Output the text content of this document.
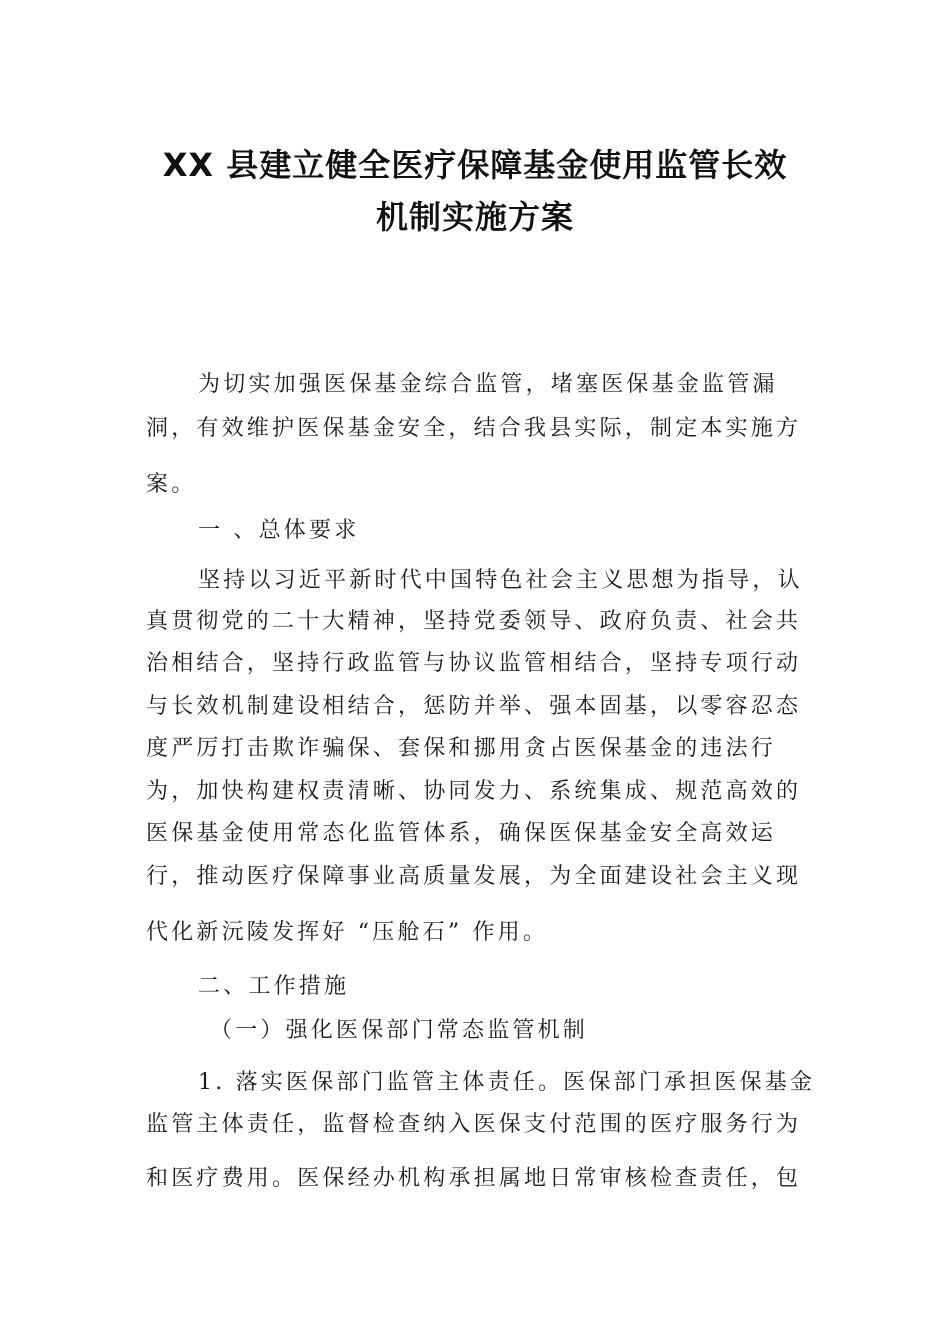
XX 县建立健全医疗保障基金使用监管长效
机制实施方案
为切实加强医保基金综合监管，堵塞医保基金监管漏
洞，有效维护医保基金安全，结合我县实际，制定本实施方
案。
一 、总体要求
坚持以习近平新时代中国特色社会主义思想为指导，认
真贯彻党的二十大精神，坚持党委领导、政府负责、社会共
治相结合，坚持行政监管与协议监管相结合，坚持专项行动
与长效机制建设相结合，惩防并举、强本固基，以零容忍态
度严厉打击欺诈骗保、套保和挪用贪占医保基金的违法行
为，加快构建权责清晰、协同发力、系统集成、规范高效的
医保基金使用常态化监管体系，确保医保基金安全高效运
行，推动医疗保障事业高质量发展，为全面建设社会主义现
代化新沅陵发挥好 “压舱石” 作用。
二、工作措施
（一）强化医保部门常态监管机制
1. 落实医保部门监管主体责任。医保部门承担医保基金
监管主体责任，监督检查纳入医保支付范围的医疗服务行为
和医疗费用。医保经办机构承担属地日常审核检查责任，包
